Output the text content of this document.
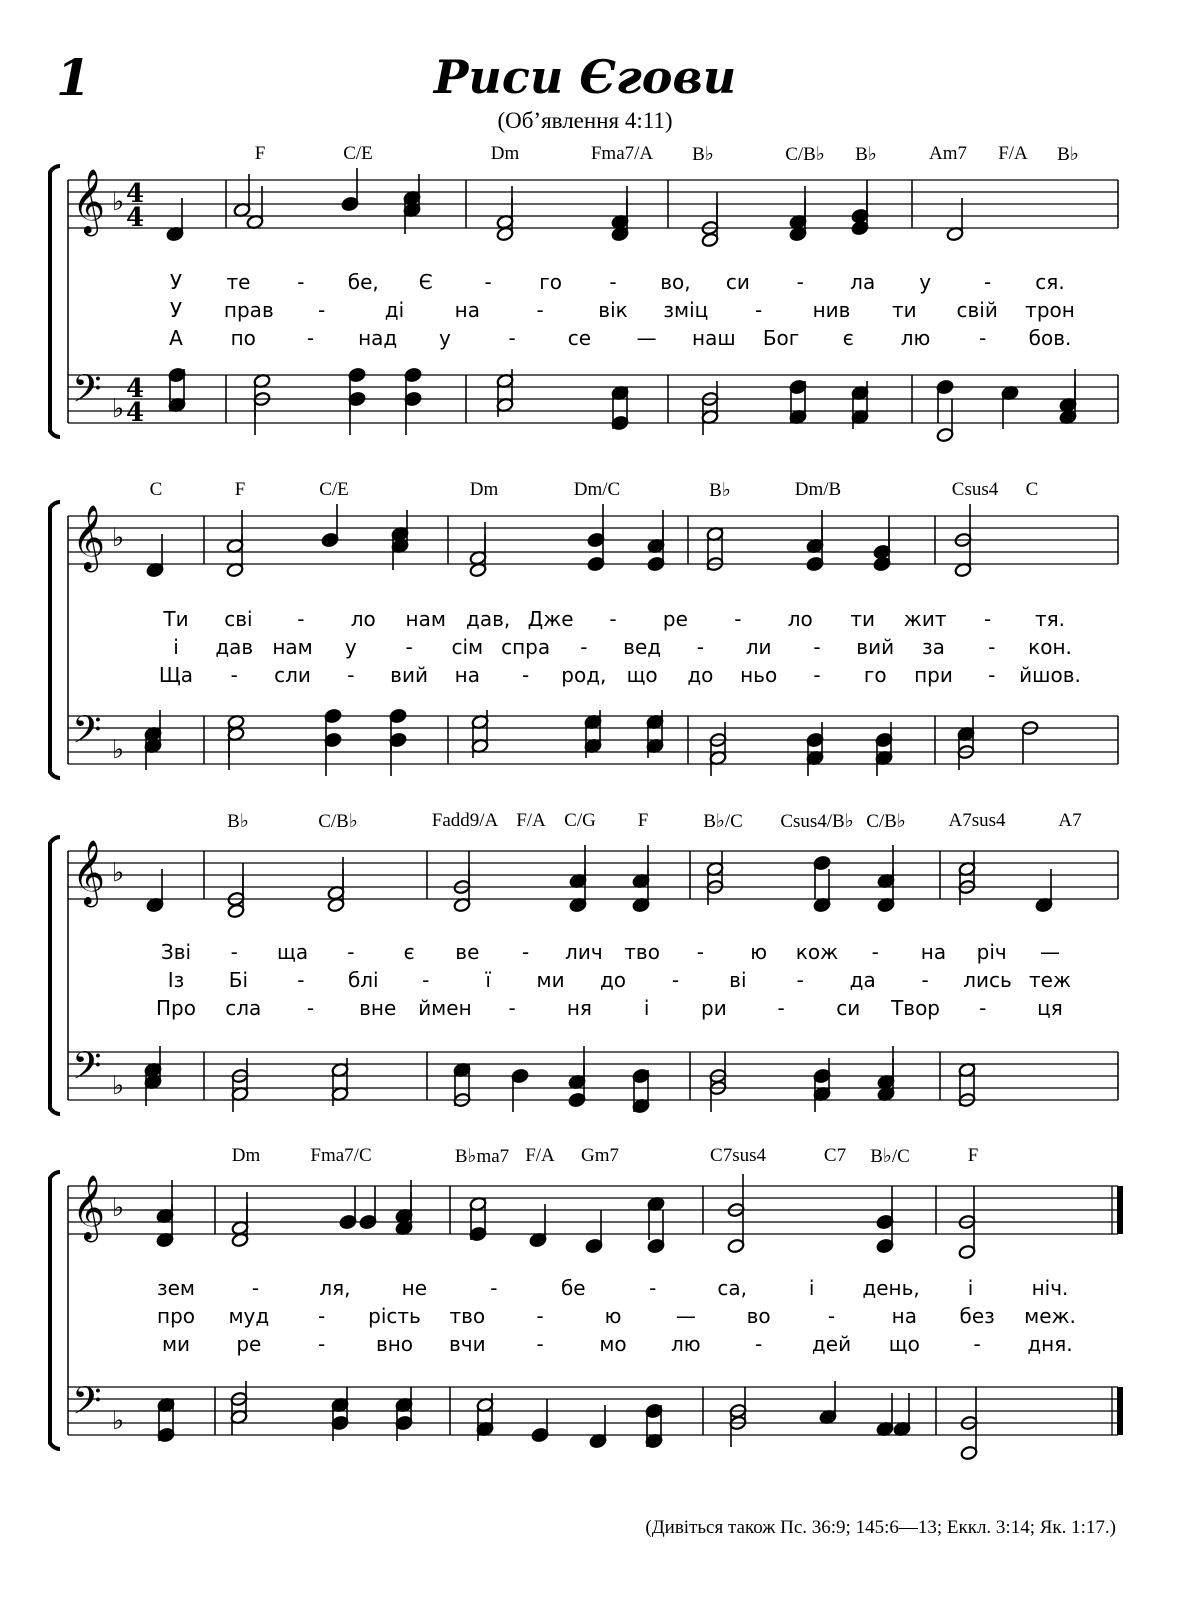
1	Риси Єгови
(Об’явлення 4:11)
𝄞
𝄢
♭
♭
4
4
4
4
𝄞
𝄢
♭
♭
𝄞
𝄢
♭
♭
𝄞
𝄢
♭
♭
F	C/E	Dm	Fma7/A B♭	C/B♭ B♭	Am7 F/A B♭
У те - бе, Є	- го - во, си - ла у	- ся.
У прав -	ді	на	-	вік зміц -	нив ти свій трон
А по	- над у	-	се — наш Бог є лю - бов.
C	F	C/E	Dm	Dm/C	B♭	Dm/B	Csus4 C
Ти сві - ло нам дав, Дже - ре - ло ти жит - тя.
і дав нам у - сім спра - вед - ли - вий за - кон.
Ща - сли - вий на - род, що до ньо - го при - йшов.
B♭	C/B♭	Fadd9/A F/A C/G F	B♭/C Csus4/B♭ C/B♭ A7sus4	A7
Зві - ща - є ве - лич тво - ю кож - на річ —
Із Бі - блі -	ї ми до -	ві	- да - лись теж
Про сла - вне ймен -	ня	і	ри	-	си Твор -	ця
Dm	Fma7/C	B♭ma7 F/A Gm7	C7sus4	C7 B♭/C	F
зем	-	ля,	не	-	бе	-	са,	і день, і	ніч.
про муд - рість тво	-	ю	—	во	-	на без меж.
ми ре	-	вно вчи	-	мо лю	- дей що	- дня.
(Дивіться також Пс. 36:9; 145:6—13; Еккл. 3:14; Як. 1:17.)
